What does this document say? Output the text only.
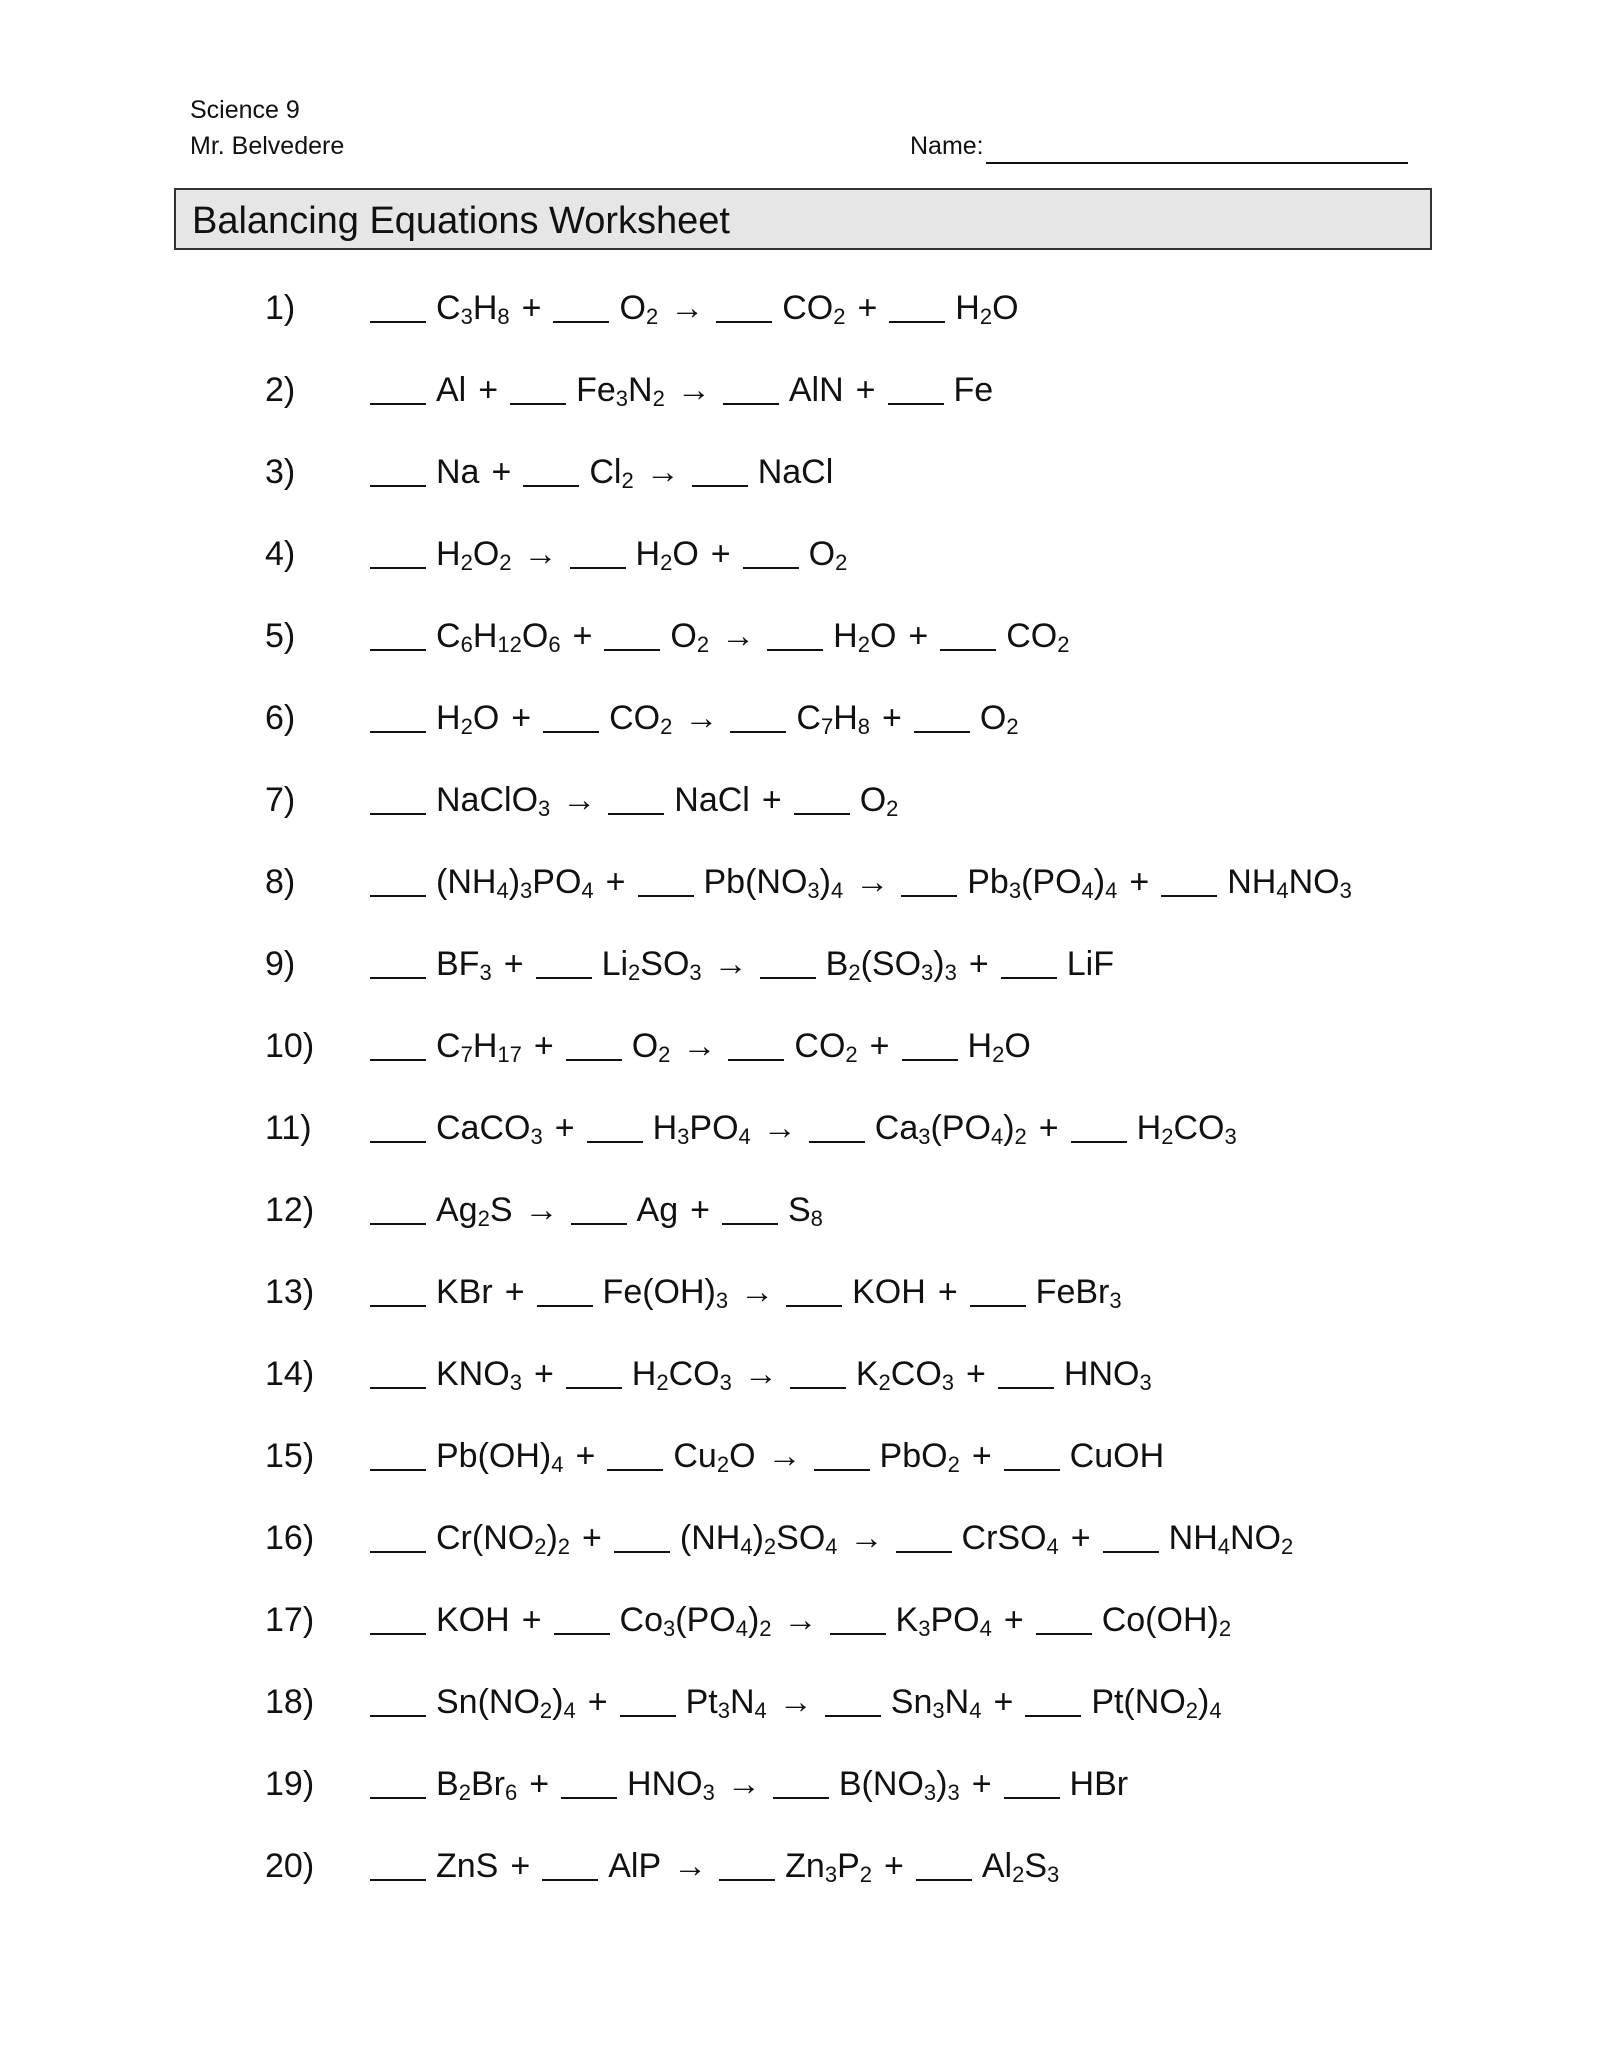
Science 9
Mr. Belvedere	Name:
Balancing Equations Worksheet
1)	$C_3H_8 + O_2 \to CO_2 + H_2O$
2)	$Al + Fe_3N_2$ → AlN + Fe
3)	$Na + Cl_2$ → NaCl
4)	$H_2O_2 \to H_2O + O_2$
5)	$C_6H_{12}O_6 + O_2 \to H_2O + CO_2$
6)	$H_2O + CO_2 \to C_7H_8 + O_2$
7)	NaClO$_3$ → NaCl + $O_2$
8)	$(NH_4)_3PO_4 + Pb(NO_3)_4 \to Pb_3(PO_4)_4 + NH_4NO_3$
9)	$BF_3 + Li_2SO_3 \to B_2(SO_3)_3$ + LiF
10)	$C_7H_{17} + O_2 \to CO_2 + H_2O$
11)	CaCO$_3$ + $H_3PO_4 \to Ca_3(PO_4)_2 + H_2CO_3$
12)	$Ag_2S \to Ag + S_8$
13)	KBr + $Fe(OH)_3$ → KOH + FeBr$_3$
14)	$KNO_3 + H_2CO_3 \to K_2CO_3 + HNO_3$
15)	$Pb(OH)_4 + Cu_2O \to PbO_2$ + CuOH
16)	$Cr(NO_2)_2 + (NH_4)_2SO_4$ → CrSO$_4$ + $NH_4NO_2$
17)	KOH + $Co_3(PO_4)_2 \to K_3PO_4 + Co(OH)_2$
18)	$Sn(NO_2)_4 + Pt_3N_4 \to Sn_3N_4 + Pt(NO_2)_4$
19)	$B_2Br_6 + HNO_3 \to B(NO_3)_3$ + HBr
20)	ZnS + AlP → $Zn_3P_2 + Al_2S_3$
